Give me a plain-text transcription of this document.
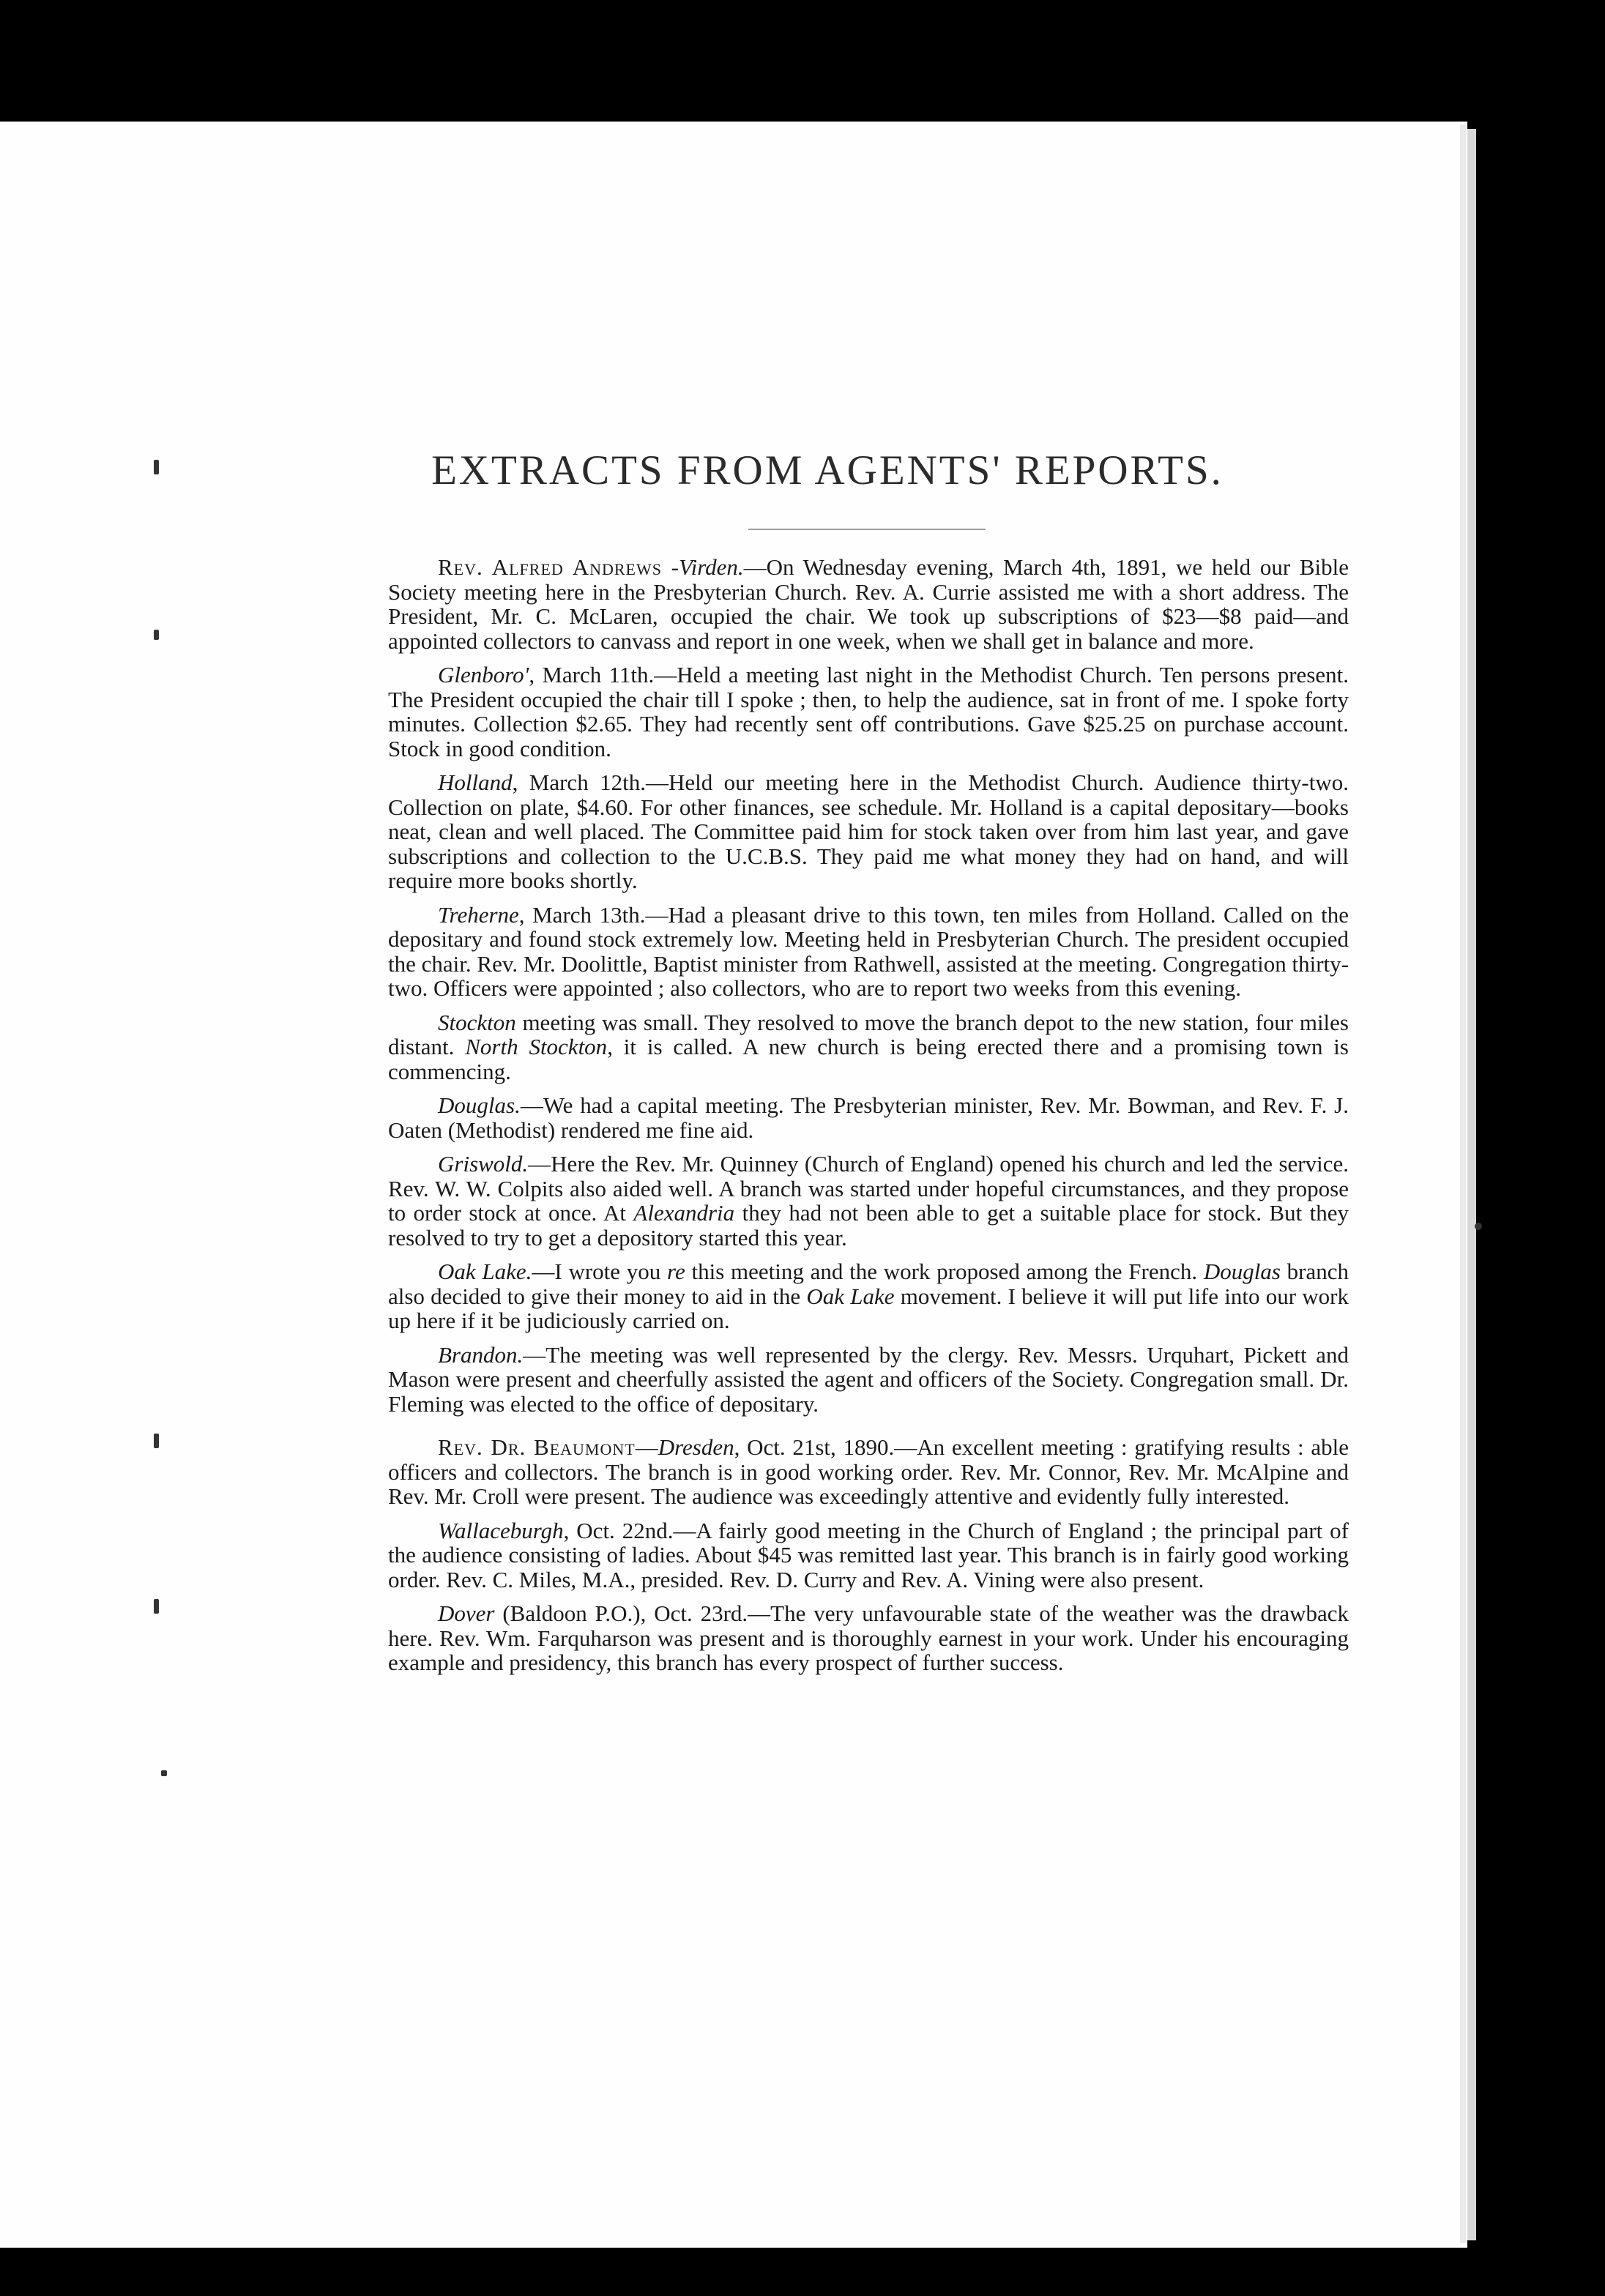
EXTRACTS FROM AGENTS' REPORTS.

Rev. Alfred Andrews -Virden.—On Wednesday evening, March 4th, 1891, we held our Bible Society meeting here in the Presbyterian Church. Rev. A. Currie assisted me with a short address. The President, Mr. C. McLaren, occupied the chair. We took up subscriptions of $23—$8 paid—and appointed collectors to canvass and report in one week, when we shall get in balance and more.

Glenboro', March 11th.—Held a meeting last night in the Methodist Church. Ten persons present. The President occupied the chair till I spoke ; then, to help the audience, sat in front of me. I spoke forty minutes. Collection $2.65. They had recently sent off contributions. Gave $25.25 on purchase account. Stock in good condition.

Holland, March 12th.—Held our meeting here in the Methodist Church. Audience thirty-two. Collection on plate, $4.60. For other finances, see schedule. Mr. Holland is a capital depositary—books neat, clean and well placed. The Committee paid him for stock taken over from him last year, and gave subscriptions and collection to the U.C.B.S. They paid me what money they had on hand, and will require more books shortly.

Treherne, March 13th.—Had a pleasant drive to this town, ten miles from Holland. Called on the depositary and found stock extremely low. Meeting held in Presbyterian Church. The president occupied the chair. Rev. Mr. Doolittle, Baptist minister from Rathwell, assisted at the meeting. Congregation thirty-two. Officers were appointed ; also collectors, who are to report two weeks from this evening.

Stockton meeting was small. They resolved to move the branch depot to the new station, four miles distant. North Stockton, it is called. A new church is being erected there and a promising town is commencing.

Douglas.—We had a capital meeting. The Presbyterian minister, Rev. Mr. Bowman, and Rev. F. J. Oaten (Methodist) rendered me fine aid.

Griswold.—Here the Rev. Mr. Quinney (Church of England) opened his church and led the service. Rev. W. W. Colpits also aided well. A branch was started under hopeful circumstances, and they propose to order stock at once. At Alexandria they had not been able to get a suitable place for stock. But they resolved to try to get a depository started this year.

Oak Lake.—I wrote you re this meeting and the work proposed among the French. Douglas branch also decided to give their money to aid in the Oak Lake movement. I believe it will put life into our work up here if it be judiciously carried on.

Brandon.—The meeting was well represented by the clergy. Rev. Messrs. Urquhart, Pickett and Mason were present and cheerfully assisted the agent and officers of the Society. Congregation small. Dr. Fleming was elected to the office of depositary.

Rev. Dr. Beaumont—Dresden, Oct. 21st, 1890.—An excellent meeting : gratifying results : able officers and collectors. The branch is in good working order. Rev. Mr. Connor, Rev. Mr. McAlpine and Rev. Mr. Croll were present. The audience was exceedingly attentive and evidently fully interested.

Wallaceburgh, Oct. 22nd.—A fairly good meeting in the Church of England ; the principal part of the audience consisting of ladies. About $45 was remitted last year. This branch is in fairly good working order. Rev. C. Miles, M.A., presided. Rev. D. Curry and Rev. A. Vining were also present.

Dover (Baldoon P.O.), Oct. 23rd.—The very unfavourable state of the weather was the drawback here. Rev. Wm. Farquharson was present and is thoroughly earnest in your work. Under his encouraging example and presidency, this branch has every prospect of further success.
